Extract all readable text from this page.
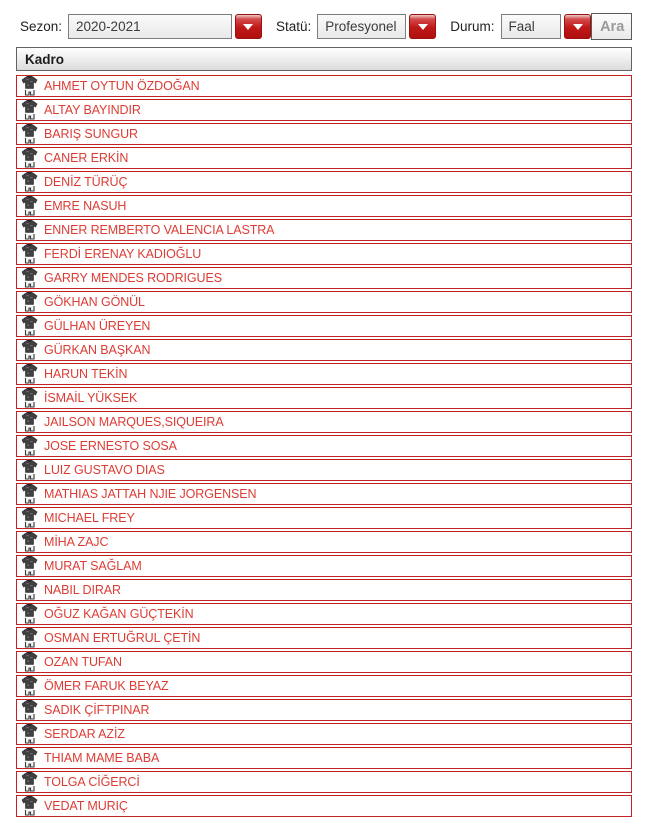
Sezon: 2020-2021	Statü: Profesyonel	Durum: Faal	Ara
Kadro
AHMET OYTUN ÖZDOĞAN
ALTAY BAYINDIR
BARIŞ SUNGUR
CANER ERKİN
DENİZ TÜRÜÇ
EMRE NASUH
ENNER REMBERTO VALENCIA LASTRA
FERDİ ERENAY KADIOĞLU
GARRY MENDES RODRIGUES
GÖKHAN GÖNÜL
GÜLHAN ÜREYEN
GÜRKAN BAŞKAN
HARUN TEKİN
İSMAİL YÜKSEK
JAILSON MARQUES,SIQUEIRA
JOSE ERNESTO SOSA
LUIZ GUSTAVO DIAS
MATHIAS JATTAH NJIE JORGENSEN
MICHAEL FREY
MİHA ZAJC
MURAT SAĞLAM
NABIL DIRAR
OĞUZ KAĞAN GÜÇTEKİN
OSMAN ERTUĞRUL ÇETİN
OZAN TUFAN
ÖMER FARUK BEYAZ
SADIK ÇİFTPINAR
SERDAR AZİZ
THIAM MAME BABA
TOLGA CİĞERCİ
VEDAT MURIÇ
